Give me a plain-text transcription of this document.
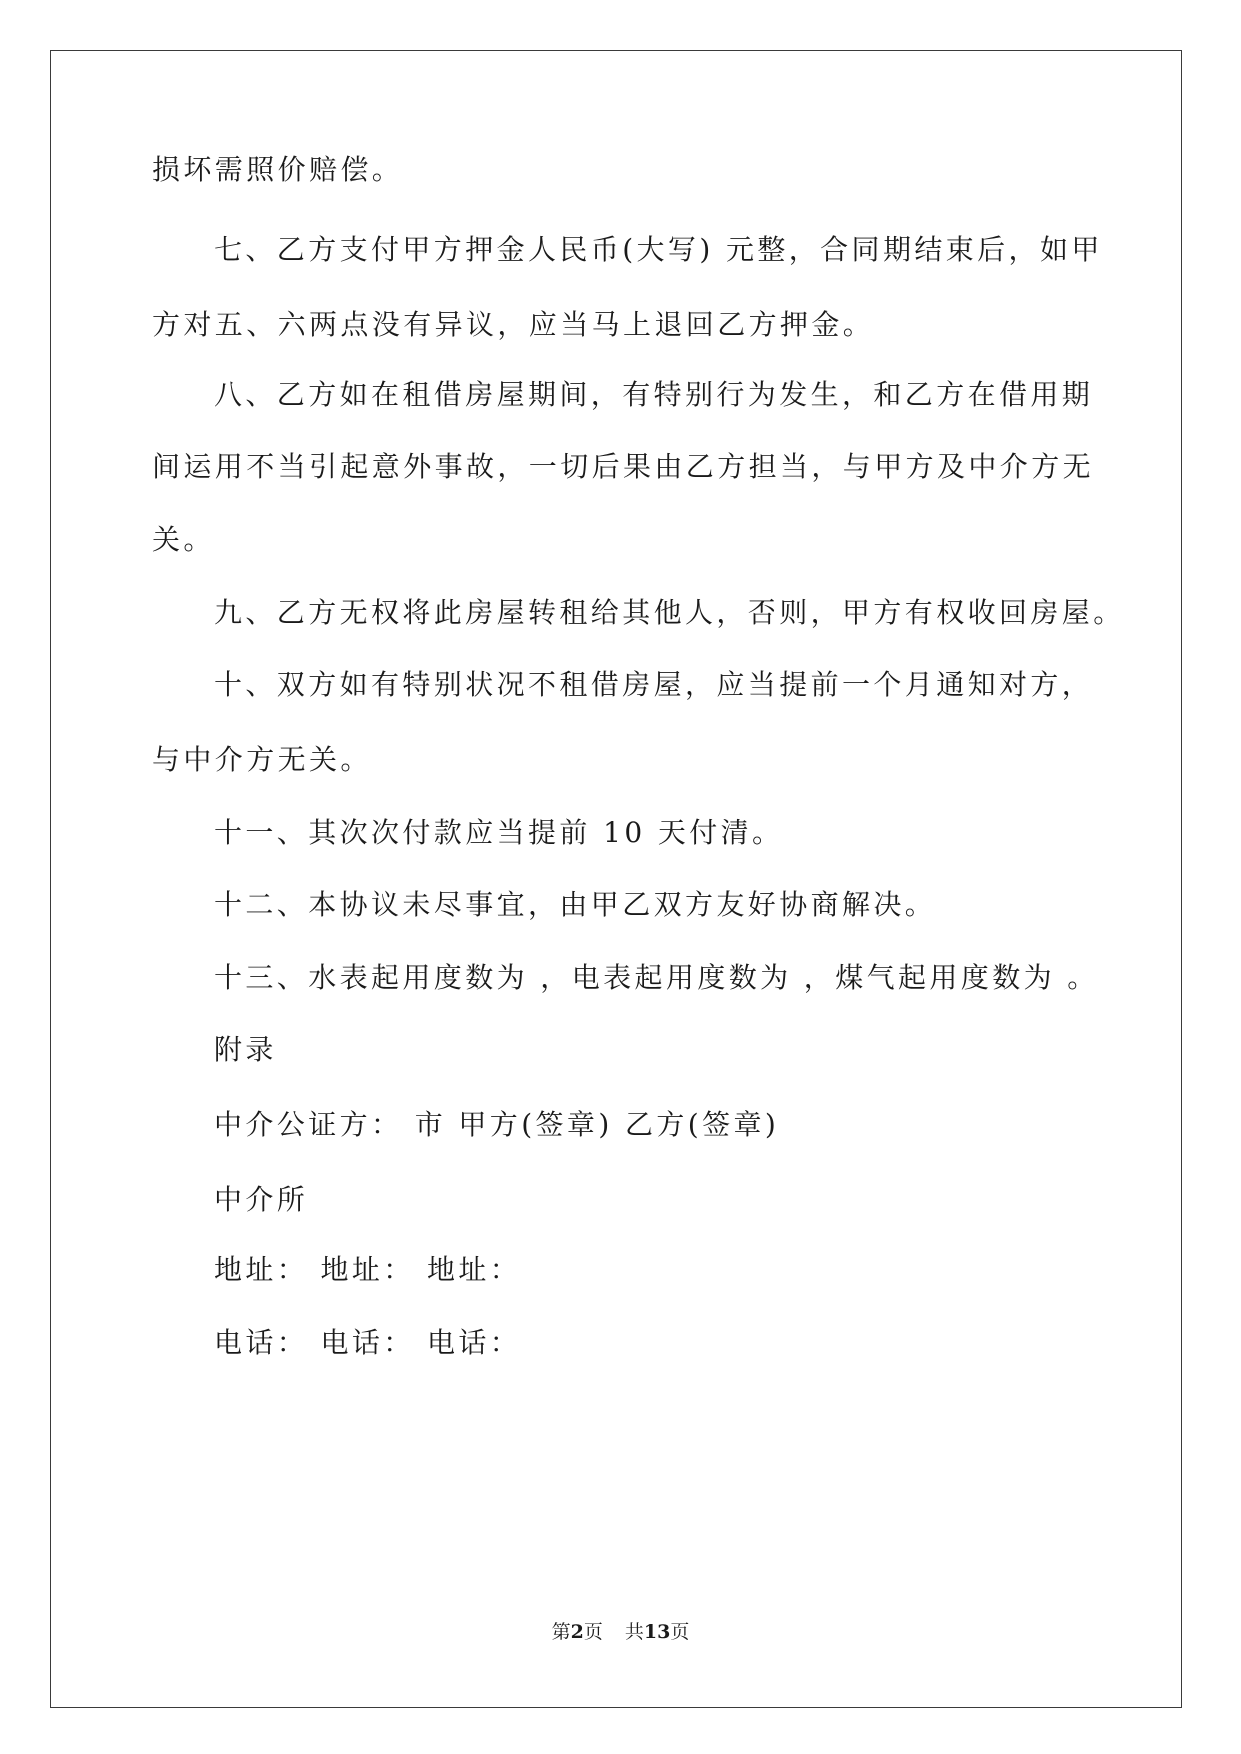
损坏需照价赔偿。
七、乙方支付甲方押金人民币(大写) 元整，合同期结束后，如甲
方对五、六两点没有异议，应当马上退回乙方押金。
八、乙方如在租借房屋期间，有特别行为发生，和乙方在借用期
间运用不当引起意外事故，一切后果由乙方担当，与甲方及中介方无
关。
九、乙方无权将此房屋转租给其他人，否则，甲方有权收回房屋。
十、双方如有特别状况不租借房屋，应当提前一个月通知对方，
与中介方无关。
十一、其次次付款应当提前 10 天付清。
十二、本协议未尽事宜，由甲乙双方友好协商解决。
十三、水表起用度数为 ，电表起用度数为 ，煤气起用度数为 。
附录
中介公证方： 市 甲方(签章) 乙方(签章)
中介所
地址： 地址： 地址：
电话： 电话： 电话：
第2页 共13页
